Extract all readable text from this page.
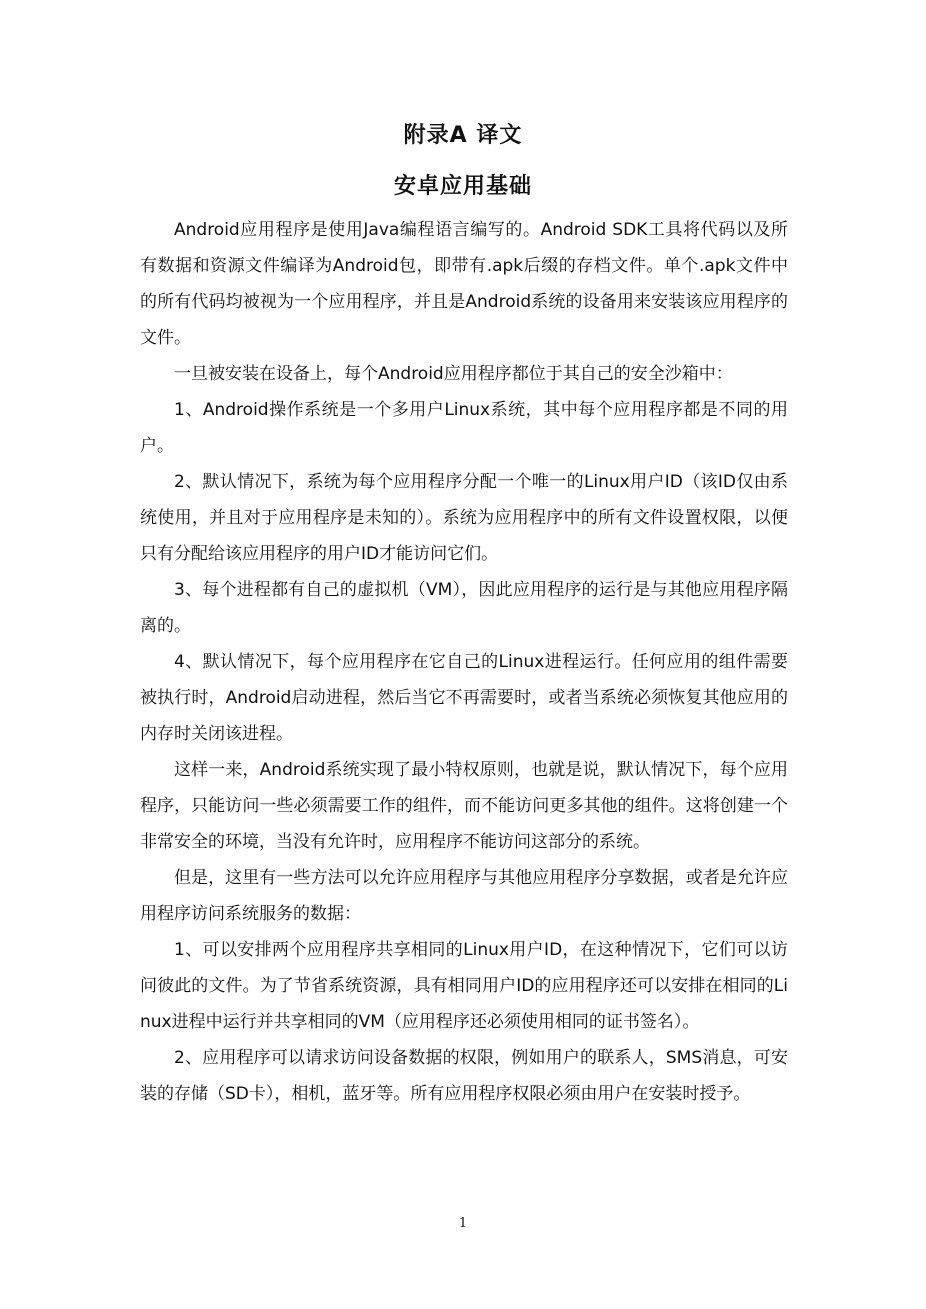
附录A 译文
安卓应用基础

Android应用程序是使用Java编程语言编写的。Android SDK工具将代码以及所有数据和资源文件编译为Android包，即带有.apk后缀的存档文件。单个.apk文件中的所有代码均被视为一个应用程序，并且是Android系统的设备用来安装该应用程序的文件。

一旦被安装在设备上，每个Android应用程序都位于其自己的安全沙箱中：

1、Android操作系统是一个多用户Linux系统，其中每个应用程序都是不同的用户。

2、默认情况下，系统为每个应用程序分配一个唯一的Linux用户ID（该ID仅由系统使用，并且对于应用程序是未知的）。系统为应用程序中的所有文件设置权限，以便只有分配给该应用程序的用户ID才能访问它们。

3、每个进程都有自己的虚拟机（VM），因此应用程序的运行是与其他应用程序隔离的。

4、默认情况下，每个应用程序在它自己的Linux进程运行。任何应用的组件需要被执行时，Android启动进程，然后当它不再需要时，或者当系统必须恢复其他应用的内存时关闭该进程。

这样一来，Android系统实现了最小特权原则，也就是说，默认情况下，每个应用程序，只能访问一些必须需要工作的组件，而不能访问更多其他的组件。这将创建一个非常安全的环境，当没有允许时，应用程序不能访问这部分的系统。

但是，这里有一些方法可以允许应用程序与其他应用程序分享数据，或者是允许应用程序访问系统服务的数据：

1、可以安排两个应用程序共享相同的Linux用户ID，在这种情况下，它们可以访问彼此的文件。为了节省系统资源，具有相同用户ID的应用程序还可以安排在相同的Linux进程中运行并共享相同的VM（应用程序还必须使用相同的证书签名）。

2、应用程序可以请求访问设备数据的权限，例如用户的联系人，SMS消息，可安装的存储（SD卡），相机，蓝牙等。所有应用程序权限必须由用户在安装时授予。

1
